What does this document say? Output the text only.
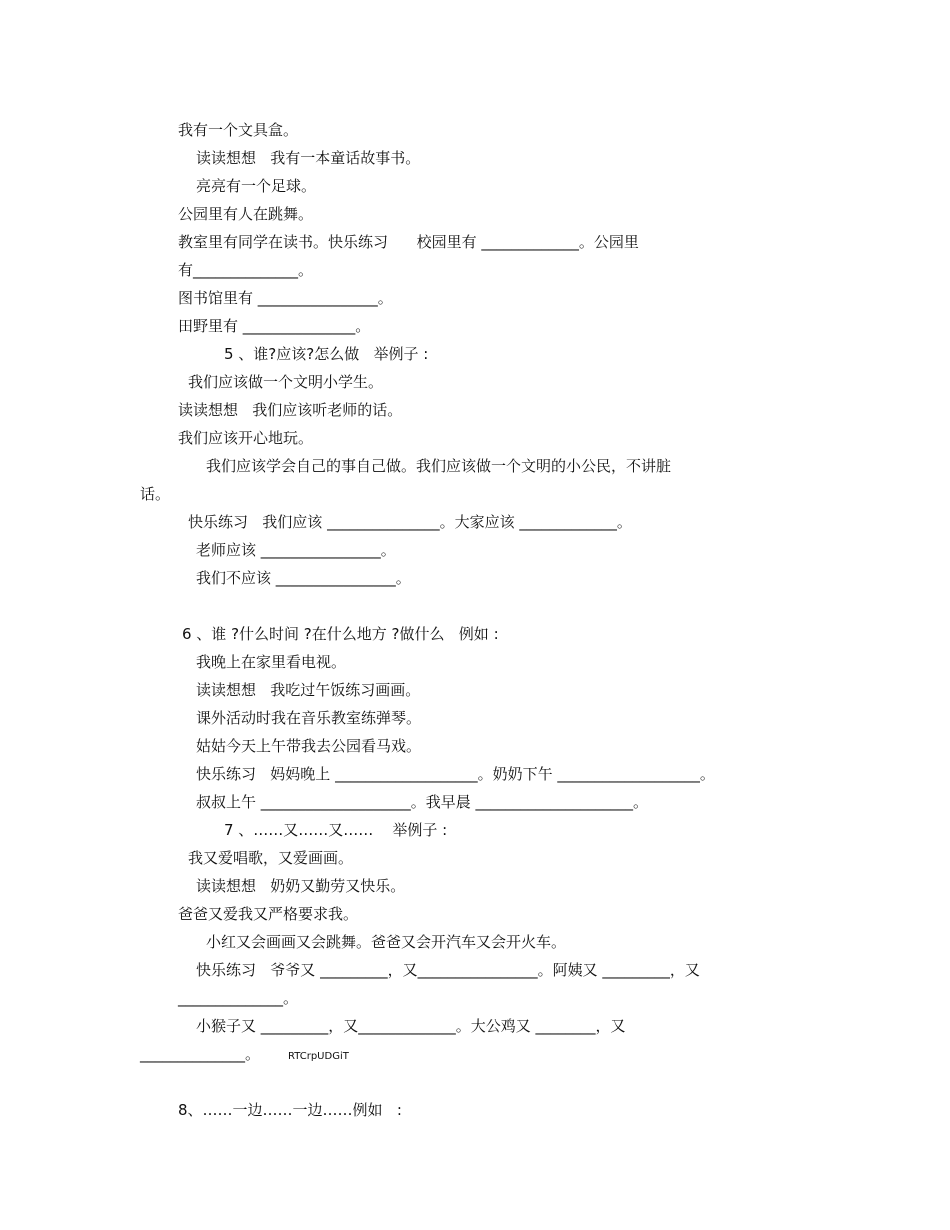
我有一个文具盒。
读读想想   我有一本童话故事书。
亮亮有一个足球。
公园里有人在跳舞。
教室里有同学在读书。快乐练习      校园里有 _____________。公园里
有______________。
图书馆里有 ________________。
田野里有 _______________。
5 、谁?应该?怎么做   举例子 :
我们应该做一个文明小学生。
读读想想   我们应该听老师的话。
我们应该开心地玩。
我们应该学会自己的事自己做。我们应该做一个文明的小公民，不讲脏
话。
快乐练习   我们应该 _______________。大家应该 _____________。
老师应该 ________________。
我们不应该 ________________。
6 、谁 ?什么时间 ?在什么地方 ?做什么   例如 :
我晚上在家里看电视。
读读想想   我吃过午饭练习画画。
课外活动时我在音乐教室练弹琴。
姑姑今天上午带我去公园看马戏。
快乐练习   妈妈晚上 ___________________。奶奶下午 ___________________。
叔叔上午 ____________________。我早晨 _____________________。
7 、……又……又……    举例子 :
我又爱唱歌，又爱画画。
读读想想   奶奶又勤劳又快乐。
爸爸又爱我又严格要求我。
小红又会画画又会跳舞。爸爸又会开汽车又会开火车。
快乐练习   爷爷又 _________，又________________。阿姨又 _________，又
______________。
小猴子又 _________，又_____________。大公鸡又 ________，又
______________。	RTCrpUDGiT
8、……一边……一边……例如   :
